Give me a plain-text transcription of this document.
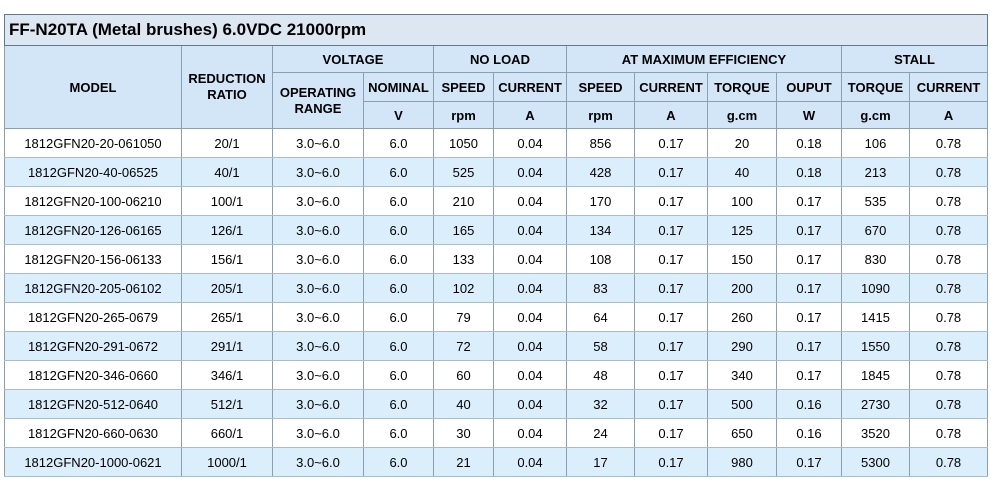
FF-N20TA (Metal brushes) 6.0VDC 21000rpm											
MODEL	REDUCTION RATIO	VOLTAGE		NO LOAD		AT MAXIMUM EFFICIENCY				STALL	
		OPERATING RANGE	NOMINAL	SPEED	CURRENT	SPEED	CURRENT	TORQUE	OUPUT	TORQUE	CURRENT
			V	rpm	A	rpm	A	g.cm	W	g.cm	A
1812GFN20-20-061050	20/1	3.0~6.0	6.0	1050	0.04	856	0.17	20	0.18	106	0.78
1812GFN20-40-06525	40/1	3.0~6.0	6.0	525	0.04	428	0.17	40	0.18	213	0.78
1812GFN20-100-06210	100/1	3.0~6.0	6.0	210	0.04	170	0.17	100	0.17	535	0.78
1812GFN20-126-06165	126/1	3.0~6.0	6.0	165	0.04	134	0.17	125	0.17	670	0.78
1812GFN20-156-06133	156/1	3.0~6.0	6.0	133	0.04	108	0.17	150	0.17	830	0.78
1812GFN20-205-06102	205/1	3.0~6.0	6.0	102	0.04	83	0.17	200	0.17	1090	0.78
1812GFN20-265-0679	265/1	3.0~6.0	6.0	79	0.04	64	0.17	260	0.17	1415	0.78
1812GFN20-291-0672	291/1	3.0~6.0	6.0	72	0.04	58	0.17	290	0.17	1550	0.78
1812GFN20-346-0660	346/1	3.0~6.0	6.0	60	0.04	48	0.17	340	0.17	1845	0.78
1812GFN20-512-0640	512/1	3.0~6.0	6.0	40	0.04	32	0.17	500	0.16	2730	0.78
1812GFN20-660-0630	660/1	3.0~6.0	6.0	30	0.04	24	0.17	650	0.16	3520	0.78
1812GFN20-1000-0621	1000/1	3.0~6.0	6.0	21	0.04	17	0.17	980	0.17	5300	0.78
